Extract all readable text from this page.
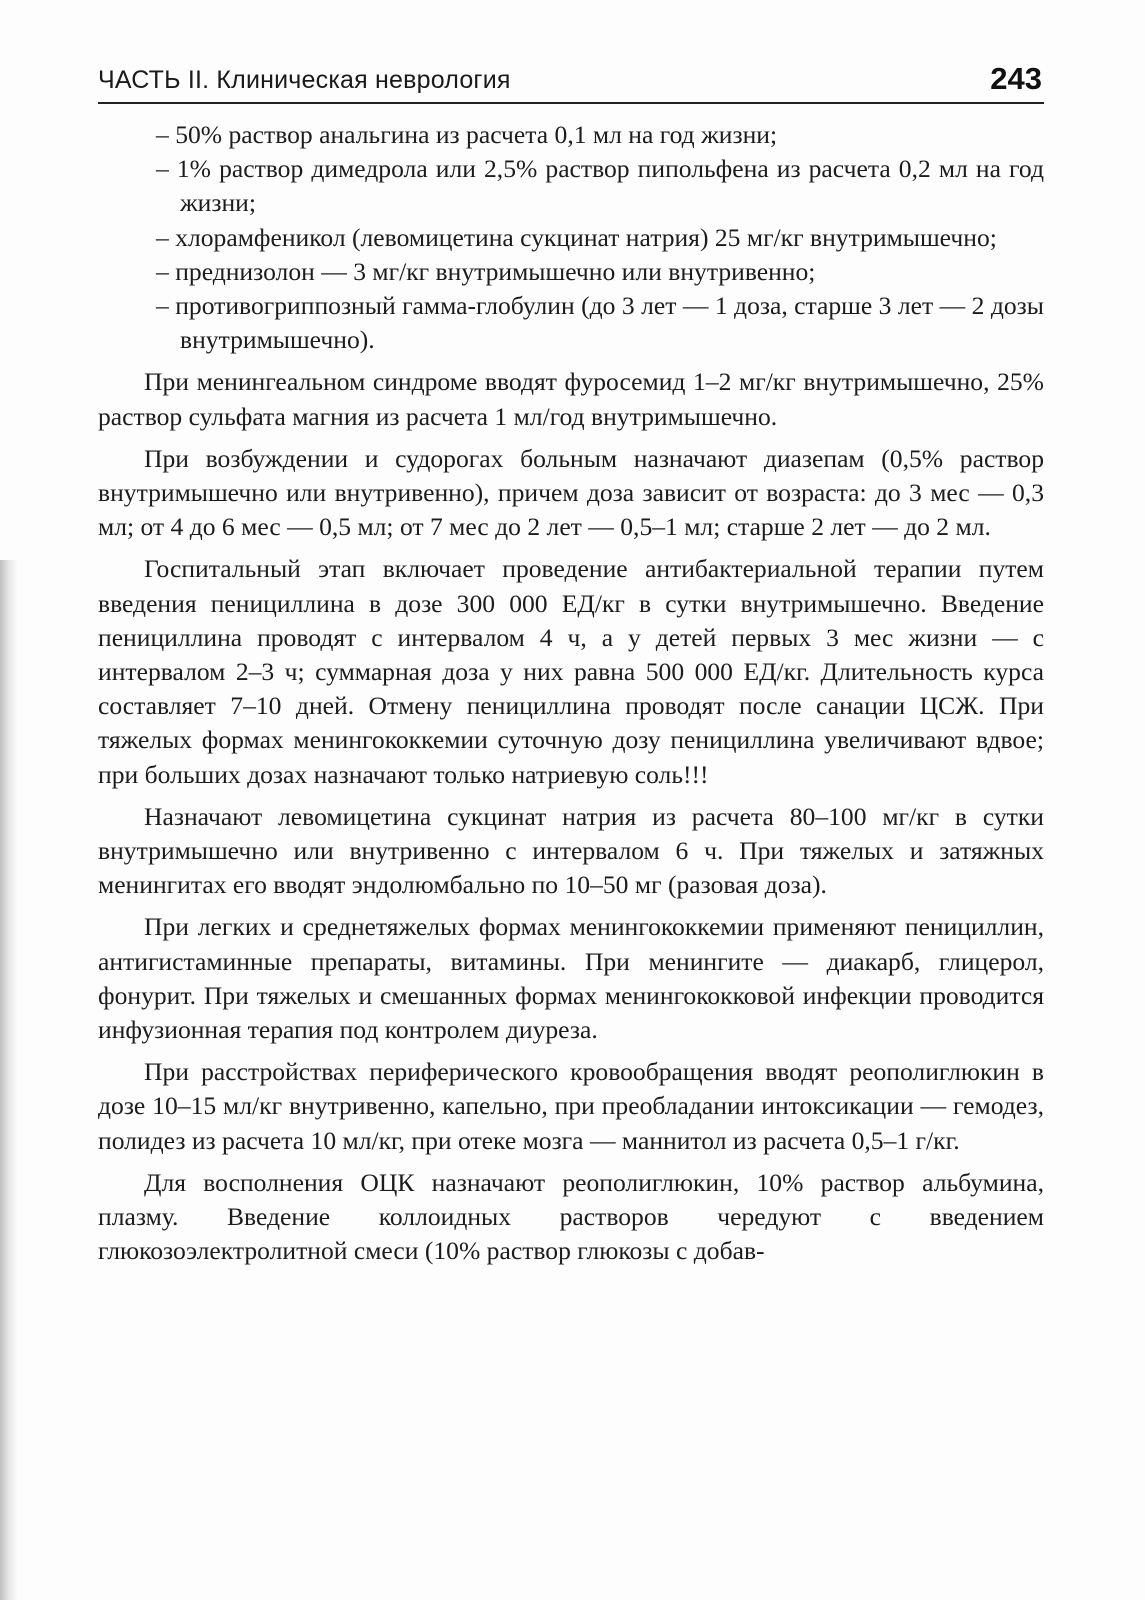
ЧАСТЬ II. Клиническая неврология	243

– 50% раствор анальгина из расчета 0,1 мл на год жизни;

– 1% раствор димедрола или 2,5% раствор пипольфена из расчета 0,2 мл на год жизни;

– хлорамфеникол (левомицетина сукцинат натрия) 25 мг/кг внутримышечно;

– преднизолон — 3 мг/кг внутримышечно или внутривенно;

– противогриппозный гамма-глобулин (до 3 лет — 1 доза, старше 3 лет — 2 дозы внутримышечно).

При менингеальном синдроме вводят фуросемид 1–2 мг/кг внутримышечно, 25% раствор сульфата магния из расчета 1 мл/год внутримышечно.

При возбуждении и судорогах больным назначают диазепам (0,5% раствор внутримышечно или внутривенно), причем доза зависит от возраста: до 3 мес — 0,3 мл; от 4 до 6 мес — 0,5 мл; от 7 мес до 2 лет — 0,5–1 мл; старше 2 лет — до 2 мл.

Госпитальный этап включает проведение антибактериальной терапии путем введения пенициллина в дозе 300 000 ЕД/кг в сутки внутримышечно. Введение пенициллина проводят с интервалом 4 ч, а у детей первых 3 мес жизни — с интервалом 2–3 ч; суммарная доза у них равна 500 000 ЕД/кг. Длительность курса составляет 7–10 дней. Отмену пенициллина проводят после санации ЦСЖ. При тяжелых формах менингококкемии суточную дозу пенициллина увеличивают вдвое; при больших дозах назначают только натриевую соль!!!

Назначают левомицетина сукцинат натрия из расчета 80–100 мг/кг в сутки внутримышечно или внутривенно с интервалом 6 ч. При тяжелых и затяжных менингитах его вводят эндолюмбально по 10–50 мг (разовая доза).

При легких и среднетяжелых формах менингококкемии применяют пенициллин, антигистаминные препараты, витамины. При менингите — диакарб, глицерол, фонурит. При тяжелых и смешанных формах менингококковой инфекции проводится инфузионная терапия под контролем диуреза.

При расстройствах периферического кровообращения вводят реополиглюкин в дозе 10–15 мл/кг внутривенно, капельно, при преобладании интоксикации — гемодез, полидез из расчета 10 мл/кг, при отеке мозга — маннитол из расчета 0,5–1 г/кг.

Для восполнения ОЦК назначают реополиглюкин, 10% раствор альбумина, плазму. Введение коллоидных растворов чередуют с введением глюкозоэлектролитной смеси (10% раствор глюкозы с добав-
